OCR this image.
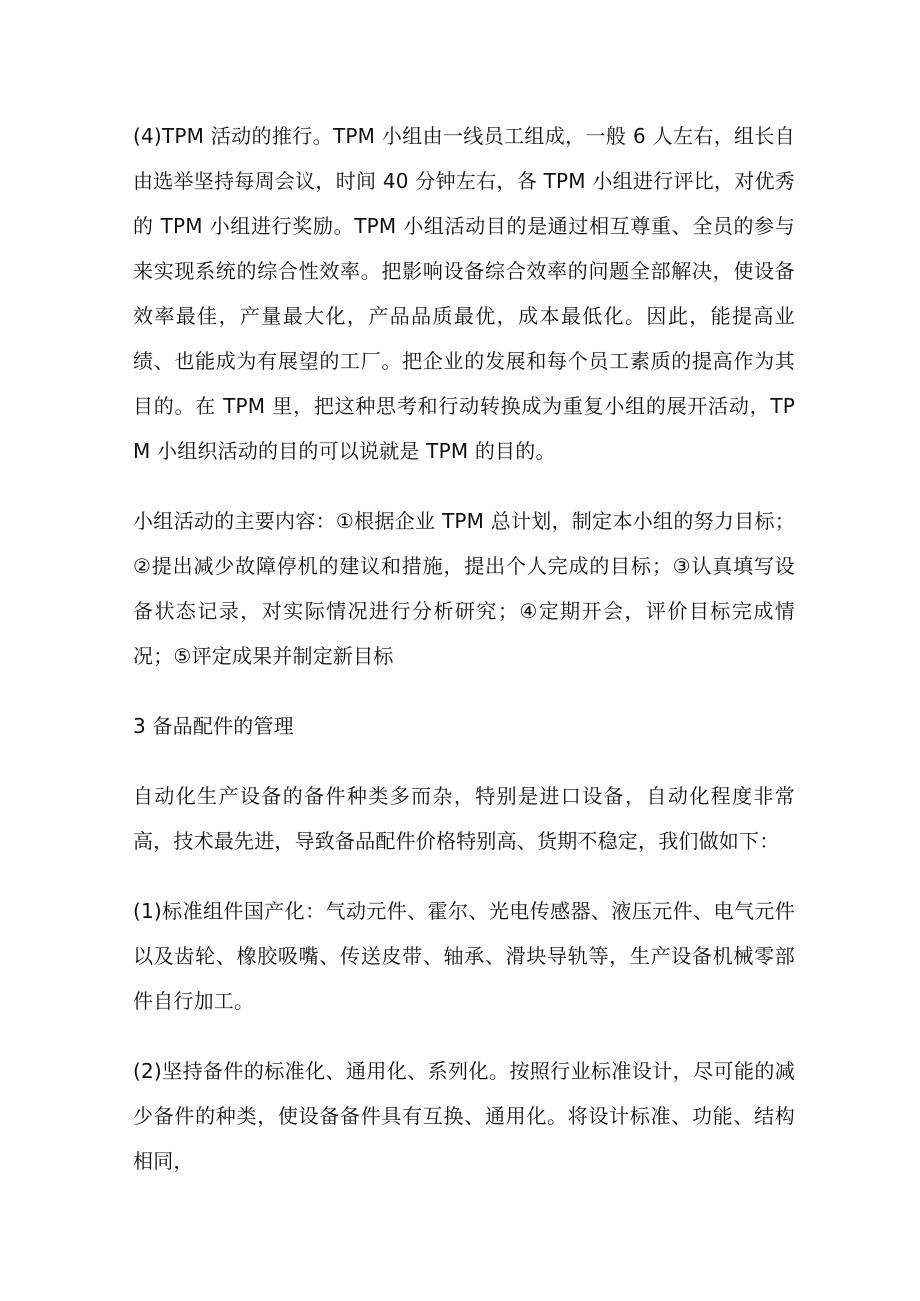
(4)TPM 活动的推行。TPM 小组由一线员工组成，一般 6 人左右，组长自由选举坚持每周会议，时间 40 分钟左右，各 TPM 小组进行评比，对优秀的 TPM 小组进行奖励。TPM 小组活动目的是通过相互尊重、全员的参与来实现系统的综合性效率。把影响设备综合效率的问题全部解决，使设备效率最佳，产量最大化，产品品质最优，成本最低化。因此，能提高业绩、也能成为有展望的工厂。把企业的发展和每个员工素质的提高作为其目的。在 TPM 里，把这种思考和行动转换成为重复小组的展开活动，TPM 小组织活动的目的可以说就是 TPM 的目的。

小组活动的主要内容：①根据企业 TPM 总计划，制定本小组的努力目标；②提出减少故障停机的建议和措施，提出个人完成的目标；③认真填写设备状态记录，对实际情况进行分析研究；④定期开会，评价目标完成情况；⑤评定成果并制定新目标

3 备品配件的管理

自动化生产设备的备件种类多而杂，特别是进口设备，自动化程度非常高，技术最先进，导致备品配件价格特别高、货期不稳定，我们做如下：

(1)标准组件国产化：气动元件、霍尔、光电传感器、液压元件、电气元件以及齿轮、橡胶吸嘴、传送皮带、轴承、滑块导轨等，生产设备机械零部件自行加工。

(2)坚持备件的标准化、通用化、系列化。按照行业标准设计，尽可能的减少备件的种类，使设备备件具有互换、通用化。将设计标准、功能、结构相同，
